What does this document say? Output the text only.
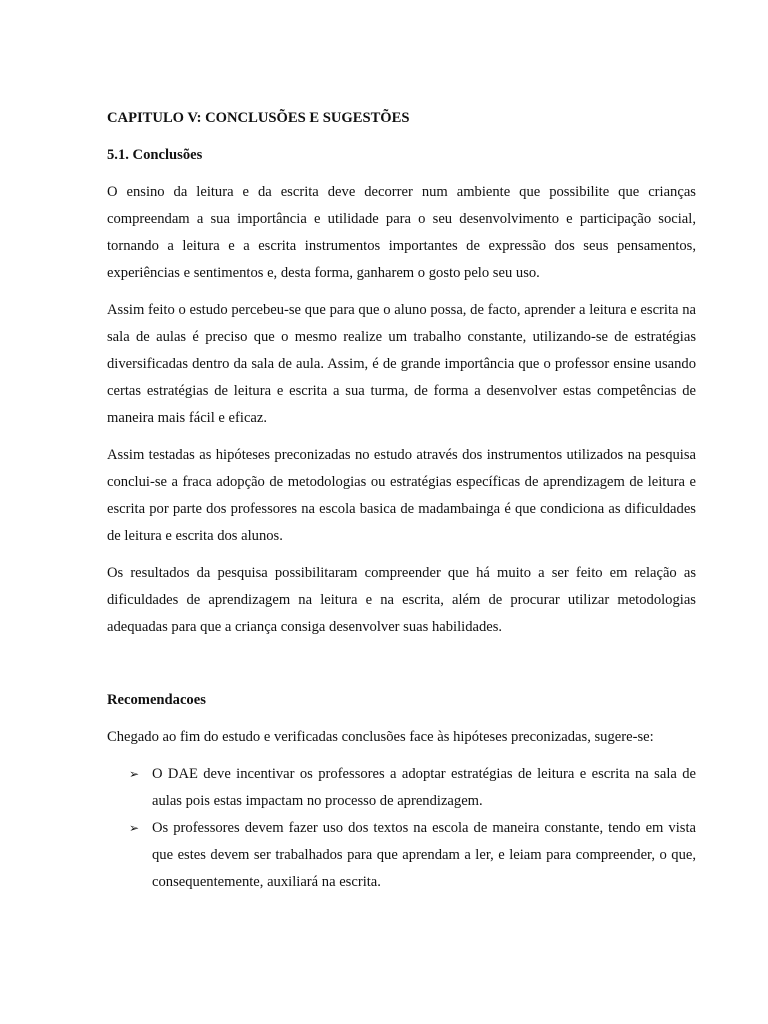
CAPITULO V: CONCLUSÕES E SUGESTÕES
5.1. Conclusões

O ensino da leitura e da escrita deve decorrer num ambiente que possibilite que crianças compreendam a sua importância e utilidade para o seu desenvolvimento e participação social, tornando a leitura e a escrita instrumentos importantes de expressão dos seus pensamentos, experiências e sentimentos e, desta forma, ganharem o gosto pelo seu uso.

Assim feito o estudo percebeu-se que para que o aluno possa, de facto, aprender a leitura e escrita na sala de aulas é preciso que o mesmo realize um trabalho constante, utilizando-se de estratégias diversificadas dentro da sala de aula. Assim, é de grande importância que o professor ensine usando certas estratégias de leitura e escrita a sua turma, de forma a desenvolver estas competências de maneira mais fácil e eficaz.

Assim testadas as hipóteses preconizadas no estudo através dos instrumentos utilizados na pesquisa conclui-se a fraca adopção de metodologias ou estratégias específicas de aprendizagem de leitura e escrita por parte dos professores na escola basica de madambainga é que condiciona as dificuldades de leitura e escrita dos alunos.

Os resultados da pesquisa possibilitaram compreender que há muito a ser feito em relação as dificuldades de aprendizagem na leitura e na escrita, além de procurar utilizar metodologias adequadas para que a criança consiga desenvolver suas habilidades.

Recomendacoes

Chegado ao fim do estudo e verificadas conclusões face às hipóteses preconizadas, sugere-se:

➢ O DAE deve incentivar os professores a adoptar estratégias de leitura e escrita na sala de aulas pois estas impactam no processo de aprendizagem.
➢ Os professores devem fazer uso dos textos na escola de maneira constante, tendo em vista que estes devem ser trabalhados para que aprendam a ler, e leiam para compreender, o que, consequentemente, auxiliará na escrita.
